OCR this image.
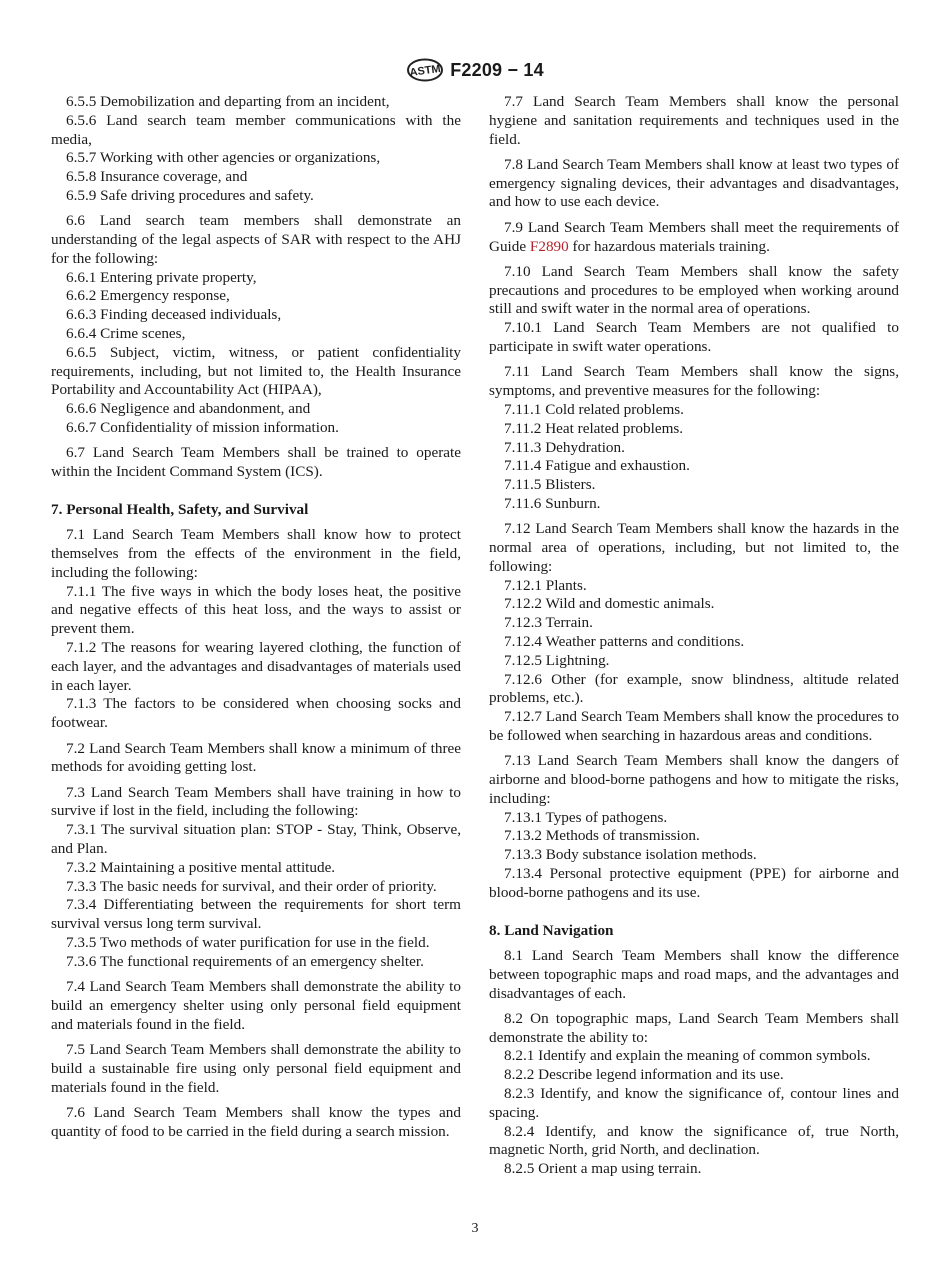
ASTM F2209 − 14

6.5.5 Demobilization and departing from an incident,

6.5.6 Land search team member communications with the media,

6.5.7 Working with other agencies or organizations,

6.5.8 Insurance coverage, and

6.5.9 Safe driving procedures and safety.

6.6 Land search team members shall demonstrate an understanding of the legal aspects of SAR with respect to the AHJ for the following:

6.6.1 Entering private property,

6.6.2 Emergency response,

6.6.3 Finding deceased individuals,

6.6.4 Crime scenes,

6.6.5 Subject, victim, witness, or patient confidentiality requirements, including, but not limited to, the Health Insurance Portability and Accountability Act (HIPAA),

6.6.6 Negligence and abandonment, and

6.6.7 Confidentiality of mission information.

6.7 Land Search Team Members shall be trained to operate within the Incident Command System (ICS).

7. Personal Health, Safety, and Survival

7.1 Land Search Team Members shall know how to protect themselves from the effects of the environment in the field, including the following:

7.1.1 The five ways in which the body loses heat, the positive and negative effects of this heat loss, and the ways to assist or prevent them.

7.1.2 The reasons for wearing layered clothing, the function of each layer, and the advantages and disadvantages of materials used in each layer.

7.1.3 The factors to be considered when choosing socks and footwear.

7.2 Land Search Team Members shall know a minimum of three methods for avoiding getting lost.

7.3 Land Search Team Members shall have training in how to survive if lost in the field, including the following:

7.3.1 The survival situation plan: STOP - Stay, Think, Observe, and Plan.

7.3.2 Maintaining a positive mental attitude.

7.3.3 The basic needs for survival, and their order of priority.

7.3.4 Differentiating between the requirements for short term survival versus long term survival.

7.3.5 Two methods of water purification for use in the field.

7.3.6 The functional requirements of an emergency shelter.

7.4 Land Search Team Members shall demonstrate the ability to build an emergency shelter using only personal field equipment and materials found in the field.

7.5 Land Search Team Members shall demonstrate the ability to build a sustainable fire using only personal field equipment and materials found in the field.

7.6 Land Search Team Members shall know the types and quantity of food to be carried in the field during a search mission.

7.7 Land Search Team Members shall know the personal hygiene and sanitation requirements and techniques used in the field.

7.8 Land Search Team Members shall know at least two types of emergency signaling devices, their advantages and disadvantages, and how to use each device.

7.9 Land Search Team Members shall meet the requirements of Guide F2890 for hazardous materials training.

7.10 Land Search Team Members shall know the safety precautions and procedures to be employed when working around still and swift water in the normal area of operations.

7.10.1 Land Search Team Members are not qualified to participate in swift water operations.

7.11 Land Search Team Members shall know the signs, symptoms, and preventive measures for the following:

7.11.1 Cold related problems.

7.11.2 Heat related problems.

7.11.3 Dehydration.

7.11.4 Fatigue and exhaustion.

7.11.5 Blisters.

7.11.6 Sunburn.

7.12 Land Search Team Members shall know the hazards in the normal area of operations, including, but not limited to, the following:

7.12.1 Plants.

7.12.2 Wild and domestic animals.

7.12.3 Terrain.

7.12.4 Weather patterns and conditions.

7.12.5 Lightning.

7.12.6 Other (for example, snow blindness, altitude related problems, etc.).

7.12.7 Land Search Team Members shall know the procedures to be followed when searching in hazardous areas and conditions.

7.13 Land Search Team Members shall know the dangers of airborne and blood-borne pathogens and how to mitigate the risks, including:

7.13.1 Types of pathogens.

7.13.2 Methods of transmission.

7.13.3 Body substance isolation methods.

7.13.4 Personal protective equipment (PPE) for airborne and blood-borne pathogens and its use.

8. Land Navigation

8.1 Land Search Team Members shall know the difference between topographic maps and road maps, and the advantages and disadvantages of each.

8.2 On topographic maps, Land Search Team Members shall demonstrate the ability to:

8.2.1 Identify and explain the meaning of common symbols.

8.2.2 Describe legend information and its use.

8.2.3 Identify, and know the significance of, contour lines and spacing.

8.2.4 Identify, and know the significance of, true North, magnetic North, grid North, and declination.

8.2.5 Orient a map using terrain.

3
